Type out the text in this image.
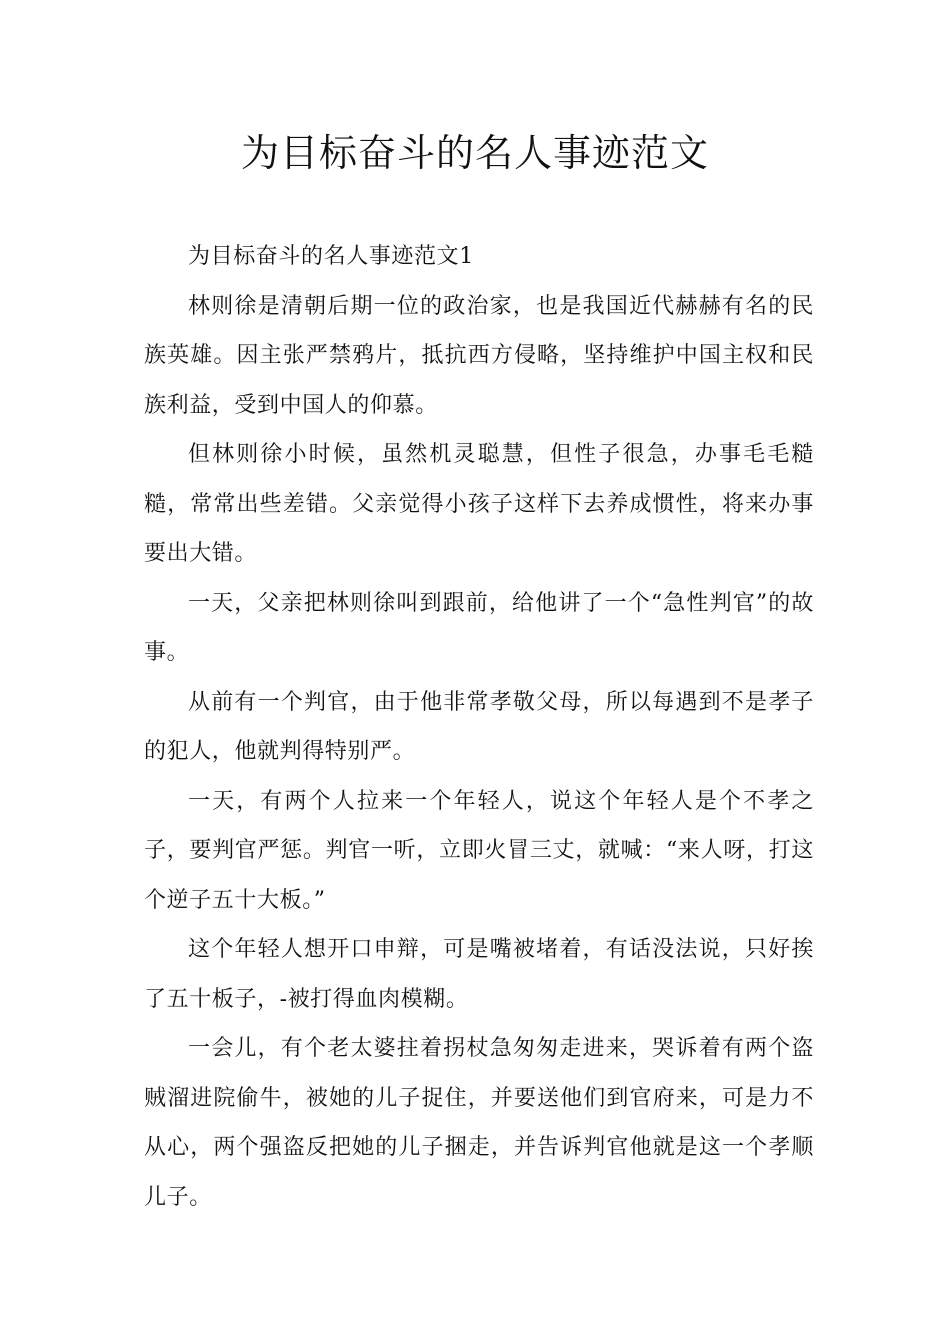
为目标奋斗的名人事迹范文

为目标奋斗的名人事迹范文1

林则徐是清朝后期一位的政治家，也是我国近代赫赫有名的民族英雄。因主张严禁鸦片，抵抗西方侵略，坚持维护中国主权和民族利益，受到中国人的仰慕。

但林则徐小时候，虽然机灵聪慧，但性子很急，办事毛毛糙糙，常常出些差错。父亲觉得小孩子这样下去养成惯性，将来办事要出大错。

一天，父亲把林则徐叫到跟前，给他讲了一个“急性判官”的故事。

从前有一个判官，由于他非常孝敬父母，所以每遇到不是孝子的犯人，他就判得特别严。

一天，有两个人拉来一个年轻人，说这个年轻人是个不孝之子，要判官严惩。判官一听，立即火冒三丈，就喊：“来人呀，打这个逆子五十大板。”

这个年轻人想开口申辩，可是嘴被堵着，有话没法说，只好挨了五十板子，-被打得血肉模糊。

一会儿，有个老太婆拄着拐杖急匆匆走进来，哭诉着有两个盗贼溜进院偷牛，被她的儿子捉住，并要送他们到官府来，可是力不从心，两个强盗反把她的儿子捆走，并告诉判官他就是这一个孝顺儿子。
